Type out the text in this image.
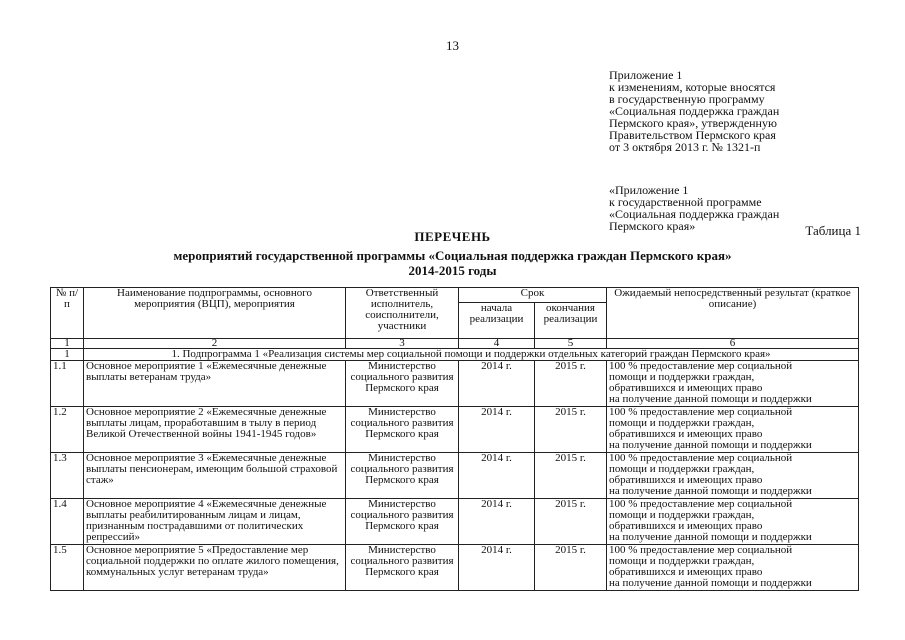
13
Приложение 1
к изменениям, которые вносятся
в государственную программу
«Социальная поддержка граждан
Пермского края», утвержденную
Правительством Пермского края
от 3 октября 2013 г. № 1321-п
«Приложение 1
к государственной программе
«Социальная поддержка граждан
Пермского края»	Таблица 1
ПЕРЕЧЕНЬ
мероприятий государственной программы «Социальная поддержка граждан Пермского края»
2014-2015 годы
№ п/п	Наименование подпрограммы, основного мероприятия (ВЦП), мероприятия	Ответственный исполнитель, соисполнители, участники	Срок		Ожидаемый непосредственный результат (краткое описание)
			начала реализации	окончания реализации	
1	2	3	4	5	6
1	1. Подпрограмма 1 «Реализация системы мер социальной помощи и поддержки отдельных категорий граждан Пермского края»				
1.1	Основное мероприятие 1 «Ежемесячные денежные выплаты ветеранам труда»	Министерство социального развития Пермского края	2014 г.	2015 г.	100 % предоставление мер социальной
помощи и поддержки граждан,
обратившихся и имеющих право
на получение данной помощи и поддержки

1.2	Основное мероприятие 2 «Ежемесячные денежные выплаты лицам, проработавшим в тылу в период Великой Отечественной войны 1941-1945 годов»	Министерство социального развития Пермского края	2014 г.	2015 г.	100 % предоставление мер социальной
помощи и поддержки граждан,
обратившихся и имеющих право
на получение данной помощи и поддержки

1.3	Основное мероприятие 3 «Ежемесячные денежные выплаты пенсионерам, имеющим большой страховой стаж»	Министерство социального развития Пермского края	2014 г.	2015 г.	100 % предоставление мер социальной
помощи и поддержки граждан,
обратившихся и имеющих право
на получение данной помощи и поддержки

1.4	Основное мероприятие 4 «Ежемесячные денежные выплаты реабилитированным лицам и лицам, признанным пострадавшими от политических репрессий»	Министерство социального развития Пермского края	2014 г.	2015 г.	100 % предоставление мер социальной
помощи и поддержки граждан,
обратившихся и имеющих право
на получение данной помощи и поддержки

1.5	Основное мероприятие 5 «Предоставление мер социальной поддержки по оплате жилого помещения, коммунальных услуг ветеранам труда»	Министерство социального развития Пермского края	2014 г.	2015 г.	100 % предоставление мер социальной
помощи и поддержки граждан,
обратившихся и имеющих право
на получение данной помощи и поддержки
